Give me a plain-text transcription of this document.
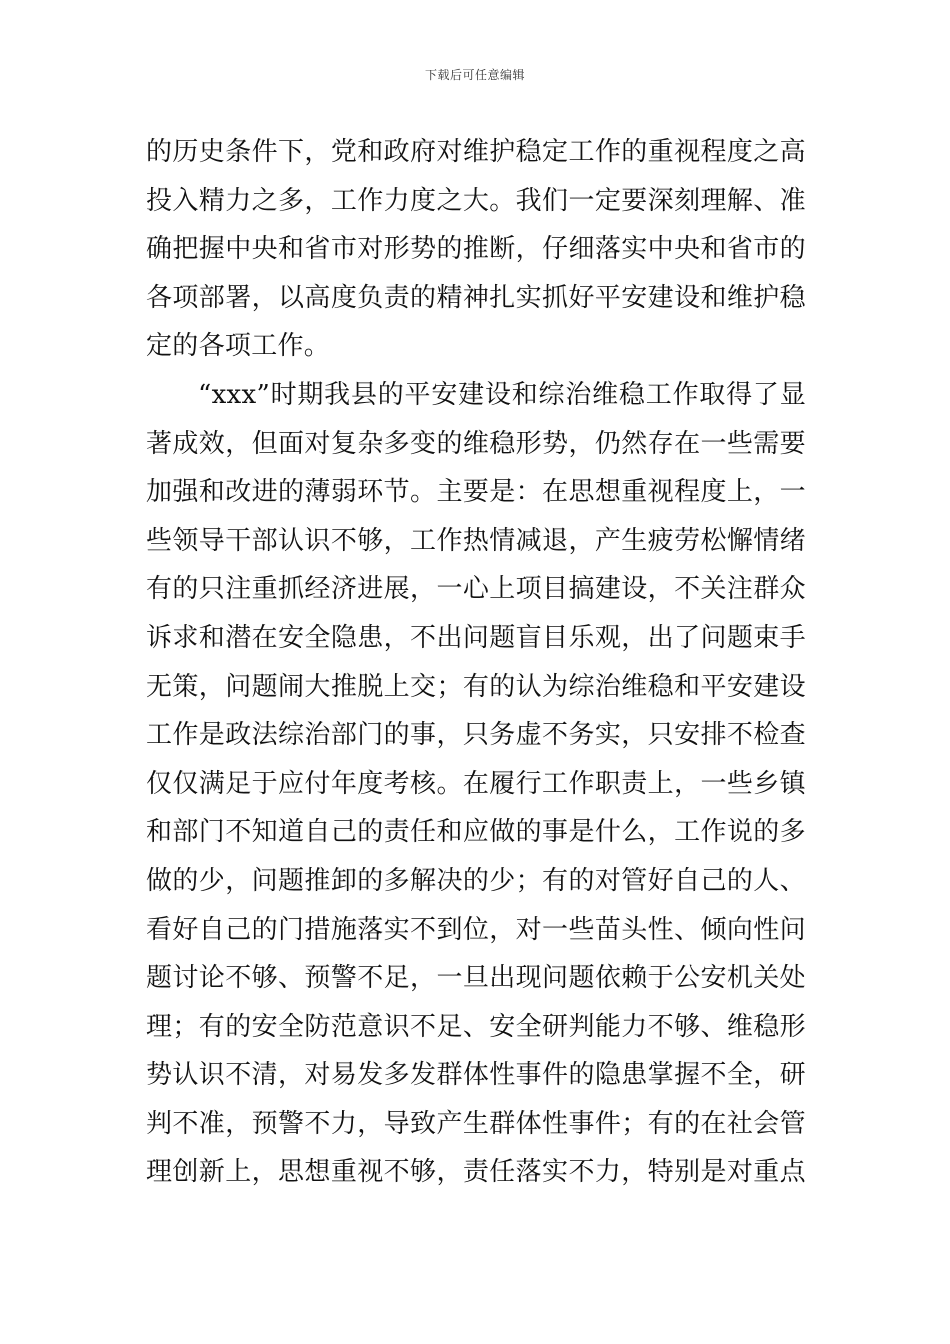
下载后可任意编辑
的历史条件下，党和政府对维护稳定工作的重视程度之高
投入精力之多，工作力度之大。我们一定要深刻理解、准
确把握中央和省市对形势的推断，仔细落实中央和省市的
各项部署，以高度负责的精神扎实抓好平安建设和维护稳
定的各项工作。
“xxx”时期我县的平安建设和综治维稳工作取得了显
著成效，但面对复杂多变的维稳形势，仍然存在一些需要
加强和改进的薄弱环节。主要是：在思想重视程度上，一
些领导干部认识不够，工作热情减退，产生疲劳松懈情绪
有的只注重抓经济进展，一心上项目搞建设，不关注群众
诉求和潜在安全隐患，不出问题盲目乐观，出了问题束手
无策，问题闹大推脱上交；有的认为综治维稳和平安建设
工作是政法综治部门的事，只务虚不务实，只安排不检查
仅仅满足于应付年度考核。在履行工作职责上，一些乡镇
和部门不知道自己的责任和应做的事是什么，工作说的多
做的少，问题推卸的多解决的少；有的对管好自己的人、
看好自己的门措施落实不到位，对一些苗头性、倾向性问
题讨论不够、预警不足，一旦出现问题依赖于公安机关处
理；有的安全防范意识不足、安全研判能力不够、维稳形
势认识不清，对易发多发群体性事件的隐患掌握不全，研
判不准，预警不力，导致产生群体性事件；有的在社会管
理创新上，思想重视不够，责任落实不力，特别是对重点
